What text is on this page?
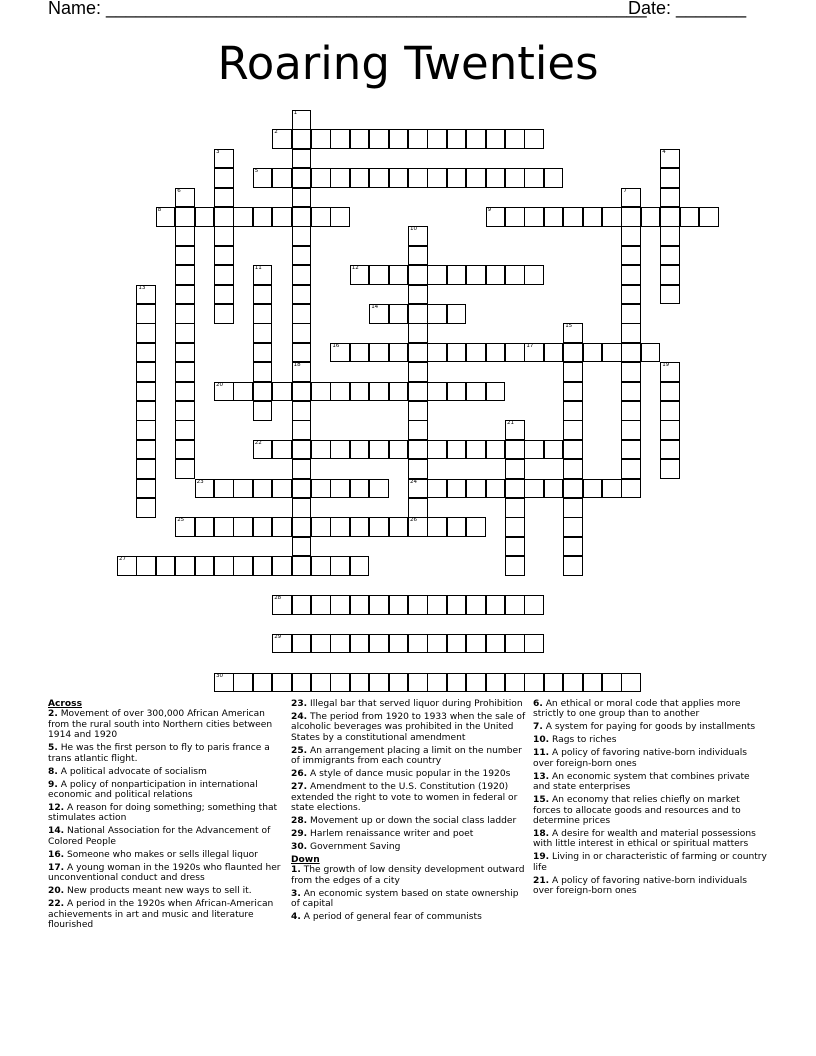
Name: ______________________________________________________
Date: _______
Roaring Twenties
1
18
2
3	4
5
6	7
8	9
10
24
26
11	12
13
14
15
16	17
19
20
21
22
23
25
27
28
29
30

Across

2. Movement of over 300,000 African American from the rural south into Northern cities between 1914 and 1920

5. He was the first person to fly to paris france a trans atlantic flight.

8. A political advocate of socialism

9. A policy of nonparticipation in international economic and political relations

12. A reason for doing something; something that stimulates action

14. National Association for the Advancement of Colored People

16. Someone who makes or sells illegal liquor

17. A young woman in the 1920s who flaunted her unconventional conduct and dress

20. New products meant new ways to sell it.

22. A period in the 1920s when African-American achievements in art and music and literature flourished

23. Illegal bar that served liquor during Prohibition

24. The period from 1920 to 1933 when the sale of alcoholic beverages was prohibited in the United States by a constitutional amendment

25. An arrangement placing a limit on the number of immigrants from each country

26. A style of dance music popular in the 1920s

27. Amendment to the U.S. Constitution (1920) extended the right to vote to women in federal or state elections.

28. Movement up or down the social class ladder

29. Harlem renaissance writer and poet

30. Government Saving

Down

1. The growth of low density development outward from the edges of a city

3. An economic system based on state ownership of capital

4. A period of general fear of communists

6. An ethical or moral code that applies more strictly to one group than to another

7. A system for paying for goods by installments

10. Rags to riches

11. A policy of favoring native-born individuals over foreign-born ones

13. An economic system that combines private and state enterprises

15. An economy that relies chiefly on market forces to allocate goods and resources and to determine prices

18. A desire for wealth and material possessions with little interest in ethical or spiritual matters

19. Living in or characteristic of farming or country life

21. A policy of favoring native-born individuals over foreign-born ones
